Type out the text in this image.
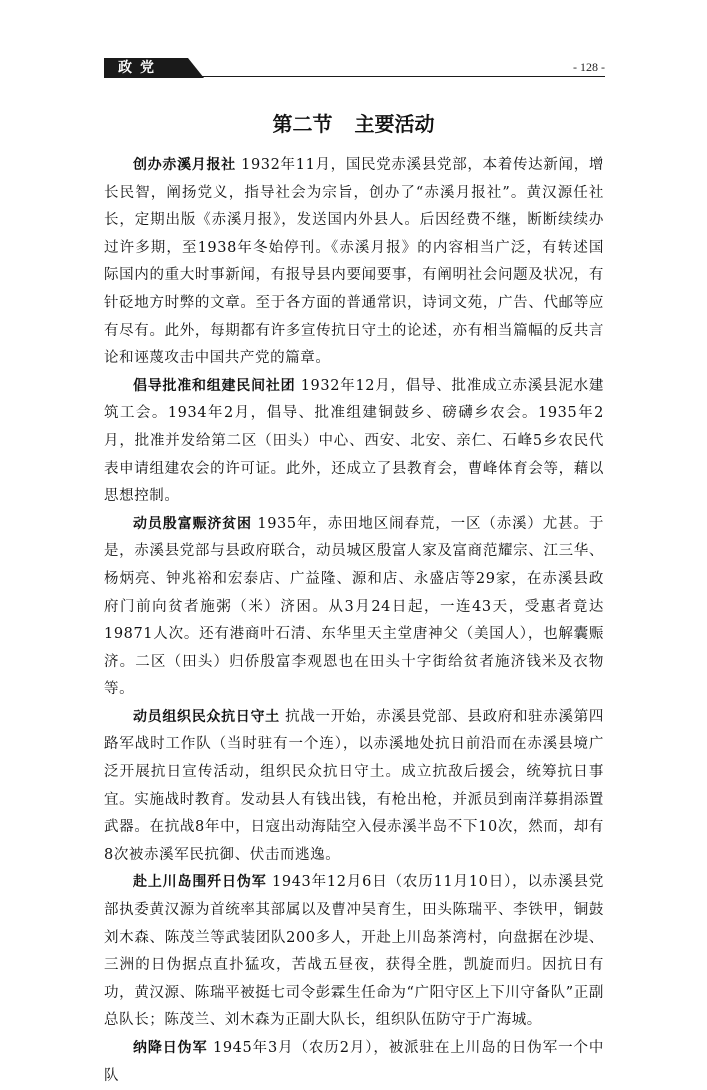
政党	- 128 -
第二节 主要活动

创办赤溪月报社 1932年11月，国民党赤溪县党部，本着传达新闻，增长民智，阐扬党义，指导社会为宗旨，创办了“赤溪月报社”。黄汉源任社长，定期出版《赤溪月报》，发送国内外县人。后因经费不继，断断续续办过许多期，至1938年冬始停刊。《赤溪月报》的内容相当广泛，有转述国际国内的重大时事新闻，有报导县内要闻要事，有阐明社会问题及状况，有针砭地方时弊的文章。至于各方面的普通常识，诗词文苑，广告、代邮等应有尽有。此外，每期都有许多宣传抗日守土的论述，亦有相当篇幅的反共言论和诬蔑攻击中国共产党的篇章。

倡导批准和组建民间社团 1932年12月，倡导、批准成立赤溪县泥水建筑工会。1934年2月，倡导、批准组建铜鼓乡、磅礴乡农会。1935年2月，批准并发给第二区（田头）中心、西安、北安、亲仁、石峰5乡农民代表申请组建农会的许可证。此外，还成立了县教育会，曹峰体育会等，藉以思想控制。

动员殷富赈济贫困 1935年，赤田地区闹春荒，一区（赤溪）尤甚。于是，赤溪县党部与县政府联合，动员城区殷富人家及富商范耀宗、江三华、杨炳亮、钟兆裕和宏泰店、广益隆、源和店、永盛店等29家，在赤溪县政府门前向贫者施粥（米）济困。从3月24日起，一连43天，受惠者竟达19871人次。还有港商叶石清、东华里天主堂唐神父（美国人），也解囊赈济。二区（田头）归侨殷富李观恩也在田头十字街给贫者施济钱米及衣物等。

动员组织民众抗日守土 抗战一开始，赤溪县党部、县政府和驻赤溪第四路军战时工作队（当时驻有一个连），以赤溪地处抗日前沿而在赤溪县境广泛开展抗日宣传活动，组织民众抗日守土。成立抗敌后援会，统筹抗日事宜。实施战时教育。发动县人有钱出钱，有枪出枪，并派员到南洋募捐添置武器。在抗战8年中，日寇出动海陆空入侵赤溪半岛不下10次，然而，却有8次被赤溪军民抗御、伏击而逃逸。

赴上川岛围歼日伪军 1943年12月6日（农历11月10日），以赤溪县党部执委黄汉源为首统率其部属以及曹冲吴育生，田头陈瑞平、李铁甲，铜鼓刘木森、陈茂兰等武装团队200多人，开赴上川岛茶湾村，向盘据在沙堤、三洲的日伪据点直扑猛攻，苦战五昼夜，获得全胜，凯旋而归。因抗日有功，黄汉源、陈瑞平被挺七司令彭霖生任命为“广阳守区上下川守备队”正副总队长；陈茂兰、刘木森为正副大队长，组织队伍防守于广海城。

纳降日伪军 1945年3月（农历2月），被派驻在上川岛的日伪军一个中队
